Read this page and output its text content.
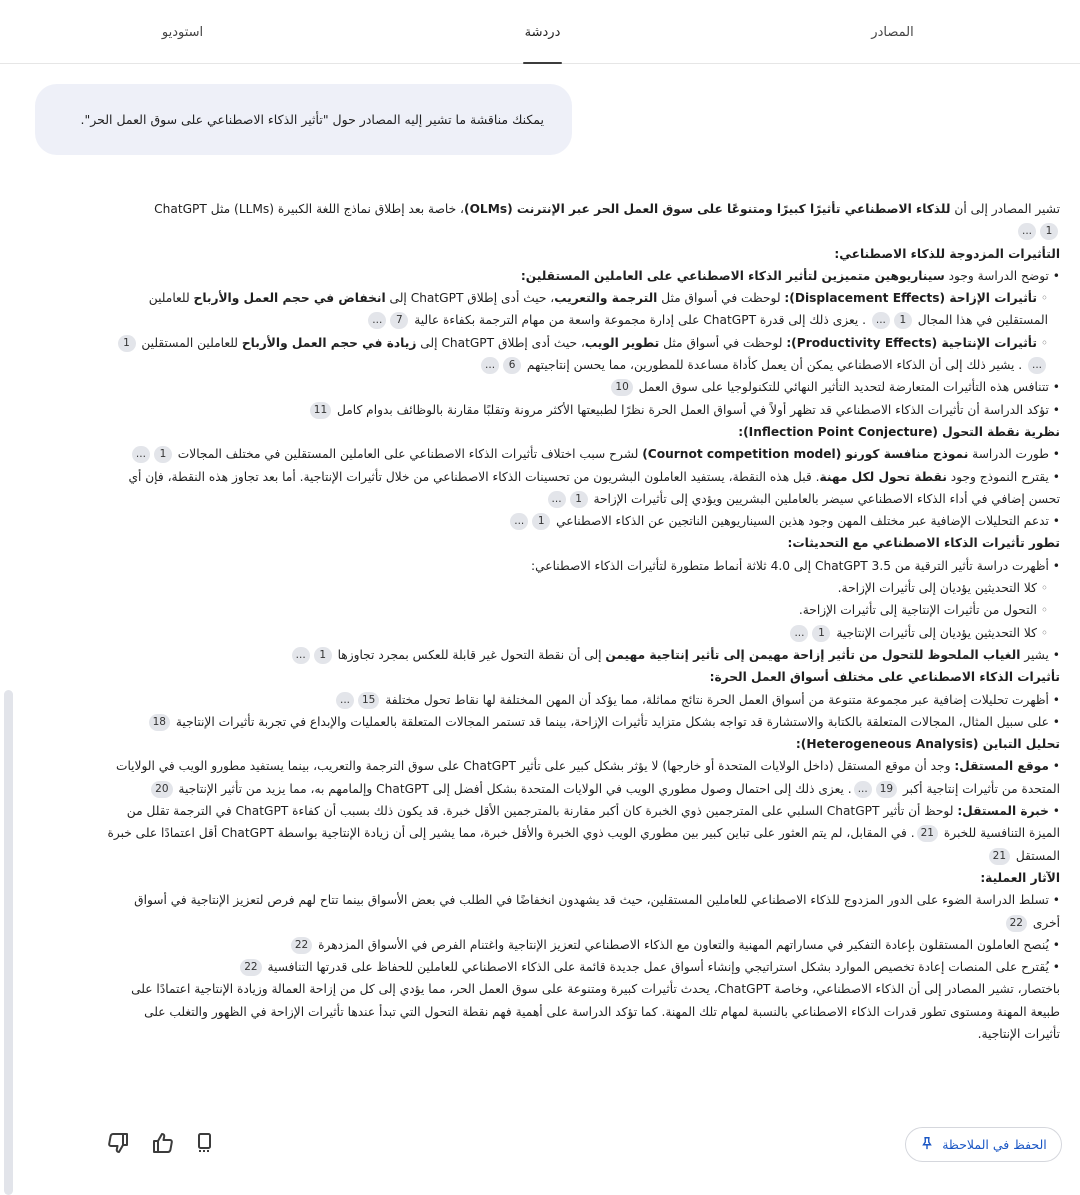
المصادر
دردشة
استوديو
يمكنك مناقشة ما تشير إليه المصادر حول "تأثير الذكاء الاصطناعي على سوق العمل الحر".

تشير المصادر إلى أن للذكاء الاصطناعي تأثيرًا كبيرًا ومتنوعًا على سوق العمل الحر عبر الإنترنت (OLMs)، خاصة بعد إطلاق نماذج اللغة الكبيرة (LLMs) مثل ChatGPT
1...

التأثيرات المزدوجة للذكاء الاصطناعي:

• توضح الدراسة وجود سيناريوهين متميزين لتأثير الذكاء الاصطناعي على العاملين المستقلين:

◦ تأثيرات الإزاحة (Displacement Effects): لوحظت في أسواق مثل الترجمة والتعريب، حيث أدى إطلاق ChatGPT إلى انخفاض في حجم العمل والأرباح للعاملين المستقلين في هذا المجال 1... . يعزى ذلك إلى قدرة ChatGPT على إدارة مجموعة واسعة من مهام الترجمة بكفاءة عالية 7...

◦ تأثيرات الإنتاجية (Productivity Effects): لوحظت في أسواق مثل تطوير الويب، حيث أدى إطلاق ChatGPT إلى زيادة في حجم العمل والأرباح للعاملين المستقلين 1... . يشير ذلك إلى أن الذكاء الاصطناعي يمكن أن يعمل كأداة مساعدة للمطورين، مما يحسن إنتاجيتهم 6...

• تتنافس هذه التأثيرات المتعارضة لتحديد التأثير النهائي للتكنولوجيا على سوق العمل 10

• تؤكد الدراسة أن تأثيرات الذكاء الاصطناعي قد تظهر أولاً في أسواق العمل الحرة نظرًا لطبيعتها الأكثر مرونة وتقلبًا مقارنة بالوظائف بدوام كامل 11

نظرية نقطة التحول (Inflection Point Conjecture):

• طورت الدراسة نموذج منافسة كورنو (Cournot competition model) لشرح سبب اختلاف تأثيرات الذكاء الاصطناعي على العاملين المستقلين في مختلف المجالات 1...

• يقترح النموذج وجود نقطة تحول لكل مهنة. قبل هذه النقطة، يستفيد العاملون البشريون من تحسينات الذكاء الاصطناعي من خلال تأثيرات الإنتاجية. أما بعد تجاوز هذه النقطة، فإن أي تحسن إضافي في أداء الذكاء الاصطناعي سيضر بالعاملين البشريين ويؤدي إلى تأثيرات الإزاحة 1...

• تدعم التحليلات الإضافية عبر مختلف المهن وجود هذين السيناريوهين الناتجين عن الذكاء الاصطناعي 1...

تطور تأثيرات الذكاء الاصطناعي مع التحديثات:

• أظهرت دراسة تأثير الترقية من ChatGPT 3.5 إلى 4.0 ثلاثة أنماط متطورة لتأثيرات الذكاء الاصطناعي:

◦ كلا التحديثين يؤديان إلى تأثيرات الإزاحة.

◦ التحول من تأثيرات الإنتاجية إلى تأثيرات الإزاحة.

◦ كلا التحديثين يؤديان إلى تأثيرات الإنتاجية 1...

• يشير الغياب الملحوظ للتحول من تأثير إزاحة مهيمن إلى تأثير إنتاجية مهيمن إلى أن نقطة التحول غير قابلة للعكس بمجرد تجاوزها 1...

تأثيرات الذكاء الاصطناعي على مختلف أسواق العمل الحرة:

• أظهرت تحليلات إضافية عبر مجموعة متنوعة من أسواق العمل الحرة نتائج مماثلة، مما يؤكد أن المهن المختلفة لها نقاط تحول مختلفة 15...

• على سبيل المثال، المجالات المتعلقة بالكتابة والاستشارة قد تواجه بشكل متزايد تأثيرات الإزاحة، بينما قد تستمر المجالات المتعلقة بالعمليات والإبداع في تجربة تأثيرات الإنتاجية 18

تحليل التباين (Heterogeneous Analysis):

• موقع المستقل: وجد أن موقع المستقل (داخل الولايات المتحدة أو خارجها) لا يؤثر بشكل كبير على تأثير ChatGPT على سوق الترجمة والتعريب، بينما يستفيد مطورو الويب في الولايات المتحدة من تأثيرات إنتاجية أكبر 19.... يعزى ذلك إلى احتمال وصول مطوري الويب في الولايات المتحدة بشكل أفضل إلى ChatGPT وإلمامهم به، مما يزيد من تأثير الإنتاجية 20

• خبرة المستقل: لوحظ أن تأثير ChatGPT السلبي على المترجمين ذوي الخبرة كان أكبر مقارنة بالمترجمين الأقل خبرة. قد يكون ذلك بسبب أن كفاءة ChatGPT في الترجمة تقلل من الميزة التنافسية للخبرة 21. في المقابل، لم يتم العثور على تباين كبير بين مطوري الويب ذوي الخبرة والأقل خبرة، مما يشير إلى أن زيادة الإنتاجية بواسطة ChatGPT أقل اعتمادًا على خبرة المستقل 21

الآثار العملية:

• تسلط الدراسة الضوء على الدور المزدوج للذكاء الاصطناعي للعاملين المستقلين، حيث قد يشهدون انخفاضًا في الطلب في بعض الأسواق بينما تتاح لهم فرص لتعزيز الإنتاجية في أسواق أخرى 22

• يُنصح العاملون المستقلون بإعادة التفكير في مساراتهم المهنية والتعاون مع الذكاء الاصطناعي لتعزيز الإنتاجية واغتنام الفرص في الأسواق المزدهرة 22

• يُقترح على المنصات إعادة تخصيص الموارد بشكل استراتيجي وإنشاء أسواق عمل جديدة قائمة على الذكاء الاصطناعي للعاملين للحفاظ على قدرتها التنافسية 22

باختصار، تشير المصادر إلى أن الذكاء الاصطناعي، وخاصة ChatGPT، يحدث تأثيرات كبيرة ومتنوعة على سوق العمل الحر، مما يؤدي إلى كل من إزاحة العمالة وزيادة الإنتاجية اعتمادًا على طبيعة المهنة ومستوى تطور قدرات الذكاء الاصطناعي بالنسبة لمهام تلك المهنة. كما تؤكد الدراسة على أهمية فهم نقطة التحول التي تبدأ عندها تأثيرات الإزاحة في الظهور والتغلب على تأثيرات الإنتاجية.

الحفظ في الملاحظة
